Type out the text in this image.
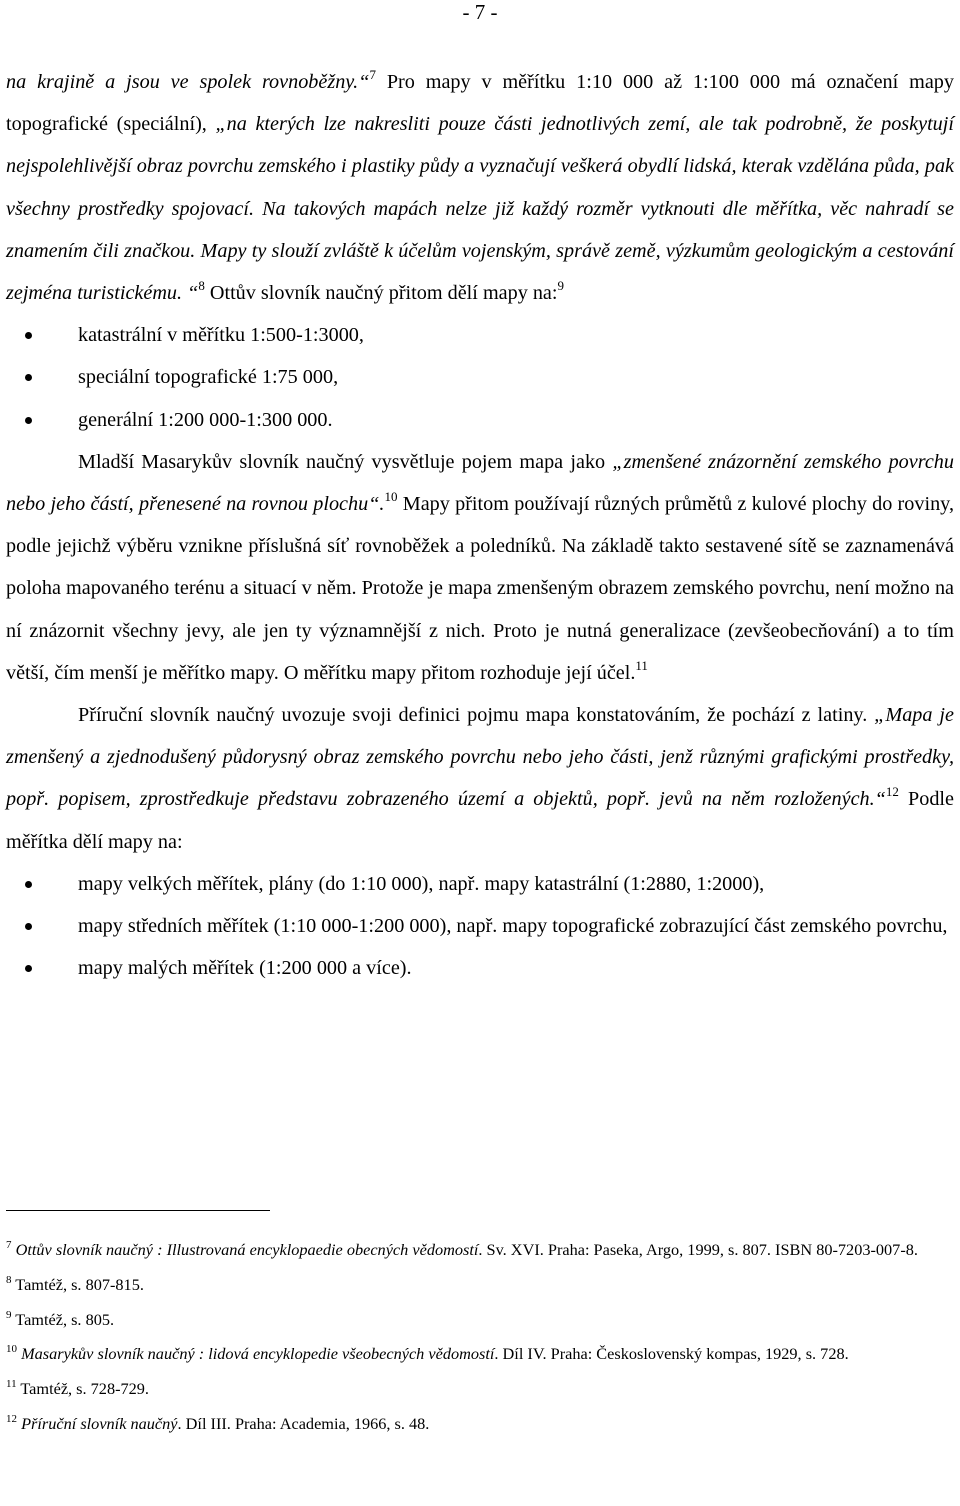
- 7 -

na krajině a jsou ve spolek rovnoběžny.“$^7$ Pro mapy v měřítku 1:10 000 až 1:100 000 má označení mapy topografické (speciální), „na kterých lze nakresliti pouze části jednotlivých zemí, ale tak podrobně, že poskytují nejspolehlivější obraz povrchu zemského i plastiky půdy a vyznačují veškerá obydlí lidská, kterak vzdělána půda, pak všechny prostředky spojovací. Na takových mapách nelze již každý rozměr vytknouti dle měřítka, věc nahradí se znamením čili značkou. Mapy ty slouží zvláště k účelům vojenským, správě země, výzkumům geologickým a cestování zejména turistickému. “$^8$ Ottův slovník naučný přitom dělí mapy na:$^9$

katastrální v měřítku 1:500-1:3000,
speciální topografické 1:75 000,
generální 1:200 000-1:300 000.

Mladší Masarykův slovník naučný vysvětluje pojem mapa jako „zmenšené znázornění zemského povrchu nebo jeho částí, přenesené na rovnou plochu“.$^{10}$ Mapy přitom používají různých průmětů z kulové plochy do roviny, podle jejichž výběru vznikne příslušná síť rovnoběžek a poledníků. Na základě takto sestavené sítě se zaznamenává poloha mapovaného terénu a situací v něm. Protože je mapa zmenšeným obrazem zemského povrchu, není možno na ní znázornit všechny jevy, ale jen ty významnější z nich. Proto je nutná generalizace (zevšeobecňování) a to tím větší, čím menší je měřítko mapy. O měřítku mapy přitom rozhoduje její účel.$^{11}$

Příruční slovník naučný uvozuje svoji definici pojmu mapa konstatováním, že pochází z latiny. „Mapa je zmenšený a zjednodušený půdorysný obraz zemského povrchu nebo jeho části, jenž různými grafickými prostředky, popř. popisem, zprostředkuje představu zobrazeného území a objektů, popř. jevů na něm rozložených.“$^{12}$ Podle měřítka dělí mapy na:

mapy velkých měřítek, plány (do 1:10 000), např. mapy katastrální (1:2880, 1:2000),
mapy středních měřítek (1:10 000-1:200 000), např. mapy topografické zobrazující část zemského povrchu,
mapy malých měřítek (1:200 000 a více).

$^7$ Ottův slovník naučný : Illustrovaná encyklopaedie obecných vědomostí. Sv. XVI. Praha: Paseka, Argo, 1999, s. 807. ISBN 80-7203-007-8.

$^8$ Tamtéž, s. 807-815.

$^9$ Tamtéž, s. 805.

$^{10}$ Masarykův slovník naučný : lidová encyklopedie všeobecných vědomostí. Díl IV. Praha: Československý kompas, 1929, s. 728.

$^{11}$ Tamtéž, s. 728-729.

$^{12}$ Příruční slovník naučný. Díl III. Praha: Academia, 1966, s. 48.
